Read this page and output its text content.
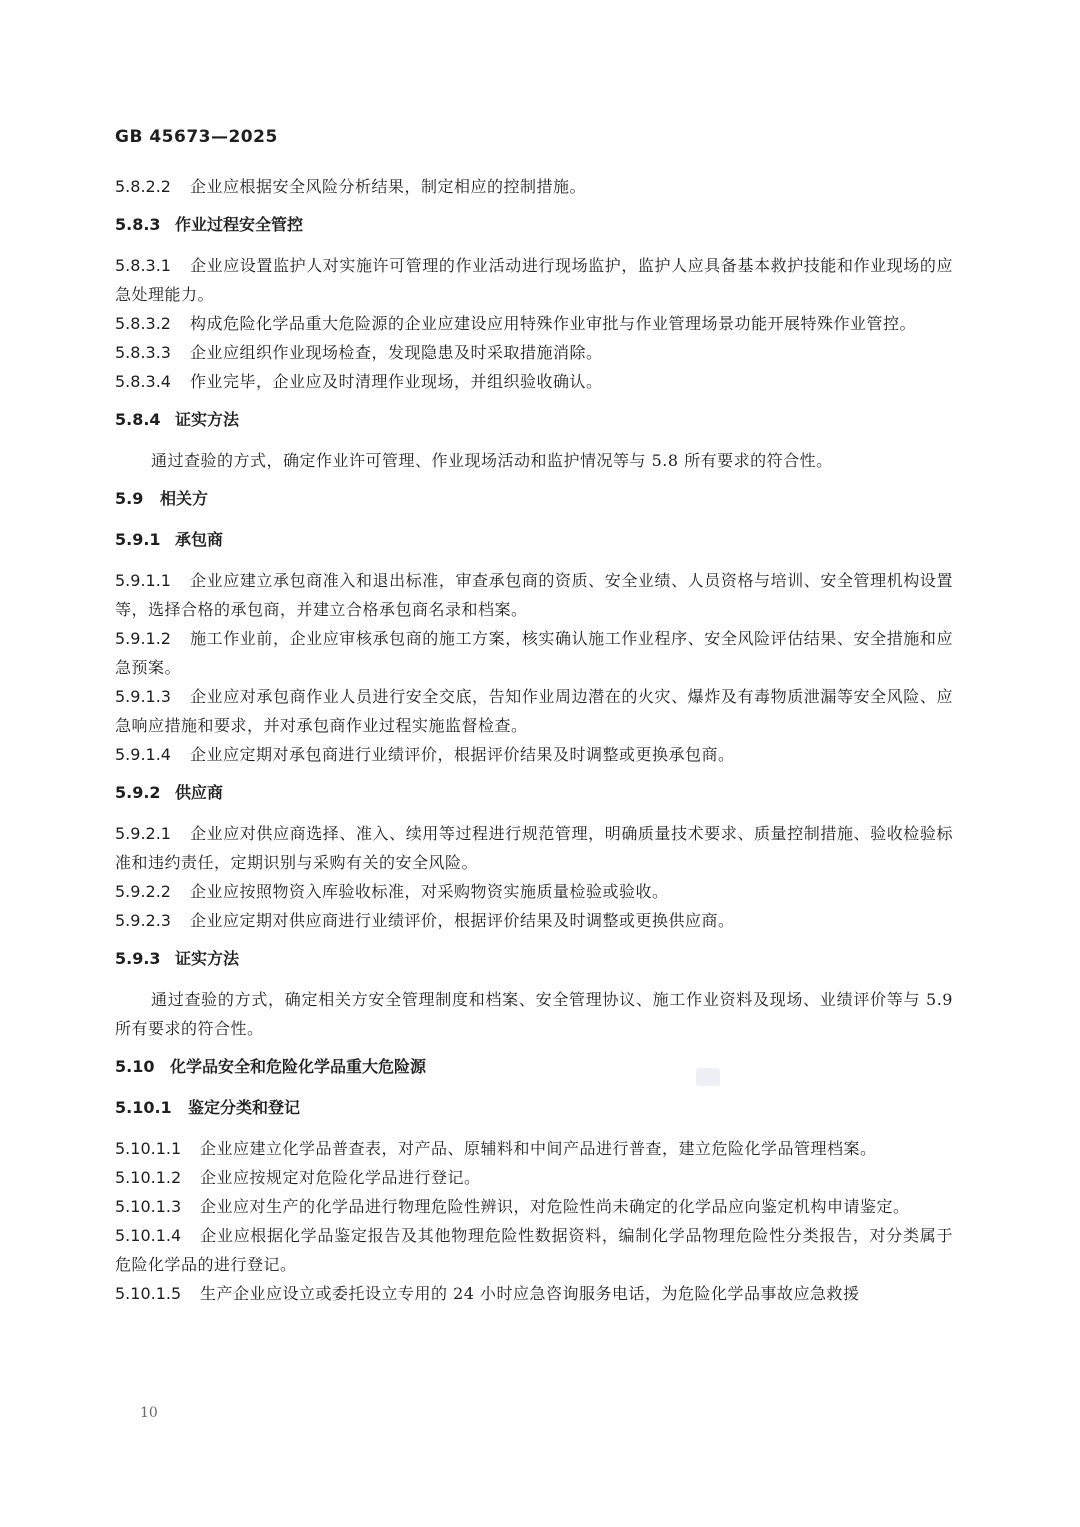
GB 45673—2025
5.8.2.2 企业应根据安全风险分析结果，制定相应的控制措施。
5.8.3 作业过程安全管控
5.8.3.1 企业应设置监护人对实施许可管理的作业活动进行现场监护，监护人应具备基本救护技能和作业现场的应急处理能力。
5.8.3.2 构成危险化学品重大危险源的企业应建设应用特殊作业审批与作业管理场景功能开展特殊作业管控。
5.8.3.3 企业应组织作业现场检查，发现隐患及时采取措施消除。
5.8.3.4 作业完毕，企业应及时清理作业现场，并组织验收确认。
5.8.4 证实方法
通过查验的方式，确定作业许可管理、作业现场活动和监护情况等与 5.8 所有要求的符合性。
5.9 相关方
5.9.1 承包商
5.9.1.1 企业应建立承包商准入和退出标准，审查承包商的资质、安全业绩、人员资格与培训、安全管理机构设置等，选择合格的承包商，并建立合格承包商名录和档案。
5.9.1.2 施工作业前，企业应审核承包商的施工方案，核实确认施工作业程序、安全风险评估结果、安全措施和应急预案。
5.9.1.3 企业应对承包商作业人员进行安全交底，告知作业周边潜在的火灾、爆炸及有毒物质泄漏等安全风险、应急响应措施和要求，并对承包商作业过程实施监督检查。
5.9.1.4 企业应定期对承包商进行业绩评价，根据评价结果及时调整或更换承包商。
5.9.2 供应商
5.9.2.1 企业应对供应商选择、准入、续用等过程进行规范管理，明确质量技术要求、质量控制措施、验收检验标准和违约责任，定期识别与采购有关的安全风险。
5.9.2.2 企业应按照物资入库验收标准，对采购物资实施质量检验或验收。
5.9.2.3 企业应定期对供应商进行业绩评价，根据评价结果及时调整或更换供应商。
5.9.3 证实方法
通过查验的方式，确定相关方安全管理制度和档案、安全管理协议、施工作业资料及现场、业绩评价等与 5.9 所有要求的符合性。
5.10 化学品安全和危险化学品重大危险源
5.10.1 鉴定分类和登记
5.10.1.1 企业应建立化学品普查表，对产品、原辅料和中间产品进行普查，建立危险化学品管理档案。
5.10.1.2 企业应按规定对危险化学品进行登记。
5.10.1.3 企业应对生产的化学品进行物理危险性辨识，对危险性尚未确定的化学品应向鉴定机构申请鉴定。
5.10.1.4 企业应根据化学品鉴定报告及其他物理危险性数据资料，编制化学品物理危险性分类报告，对分类属于危险化学品的进行登记。
5.10.1.5 生产企业应设立或委托设立专用的 24 小时应急咨询服务电话，为危险化学品事故应急救援
10
